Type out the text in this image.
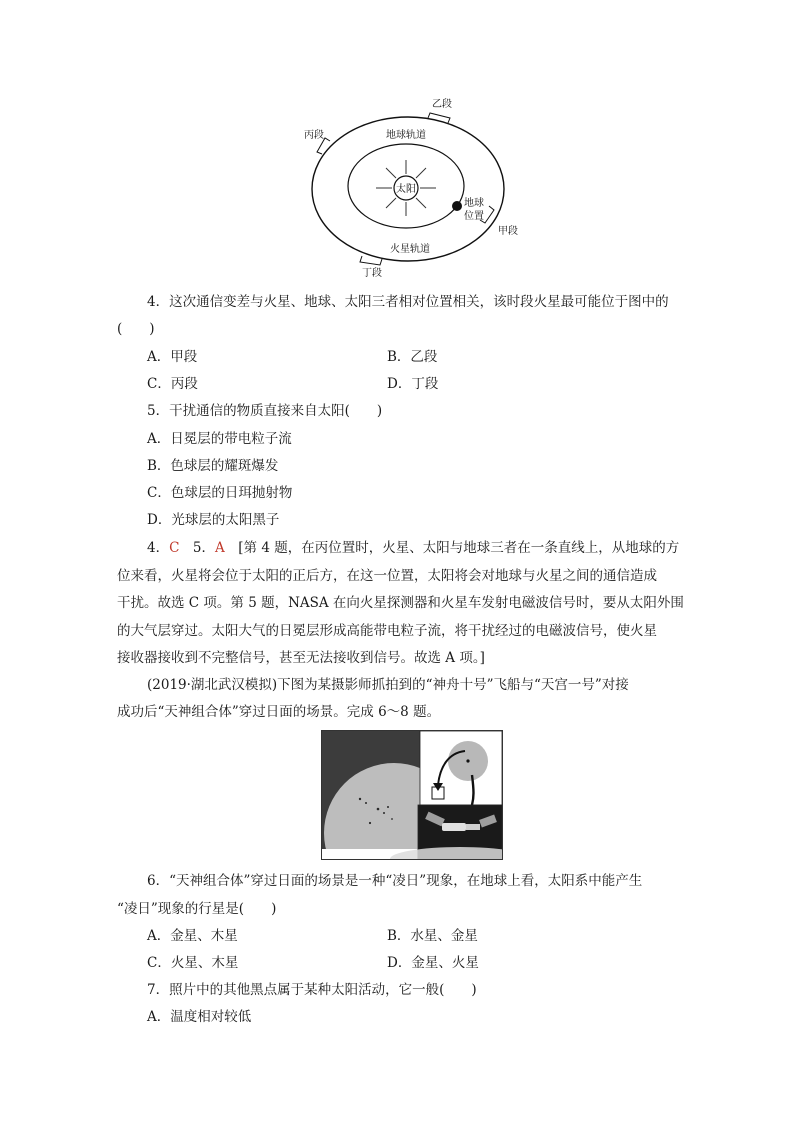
太阳
地球
位置
地球轨道
火星轨道
乙段
丙段
甲段
丁段
4．这次通信变差与火星、地球、太阳三者相对位置相关，该时段火星最可能位于图中的
(　　)
A．甲段	B．乙段
C．丙段	D．丁段
5．干扰通信的物质直接来自太阳(　　)
A．日冕层的带电粒子流
B．色球层的耀斑爆发
C．色球层的日珥抛射物
D．光球层的太阳黑子
4．C　5．A　[第 4 题，在丙位置时，火星、太阳与地球三者在一条直线上，从地球的方
位来看，火星将会位于太阳的正后方，在这一位置，太阳将会对地球与火星之间的通信造成
干扰。故选 C 项。第 5 题，NASA 在向火星探测器和火星车发射电磁波信号时，要从太阳外围
的大气层穿过。太阳大气的日冕层形成高能带电粒子流，将干扰经过的电磁波信号，使火星
接收器接收到不完整信号，甚至无法接收到信号。故选 A 项。]
(2019·湖北武汉模拟)下图为某摄影师抓拍到的“神舟十号”飞船与“天宫一号”对接
成功后“天神组合体”穿过日面的场景。完成 6～8 题。
6．“天神组合体”穿过日面的场景是一种“凌日”现象，在地球上看，太阳系中能产生
“凌日”现象的行星是(　　)
A．金星、木星	B．水星、金星
C．火星、木星	D．金星、火星
7．照片中的其他黑点属于某种太阳活动，它一般(　　)
A．温度相对较低
